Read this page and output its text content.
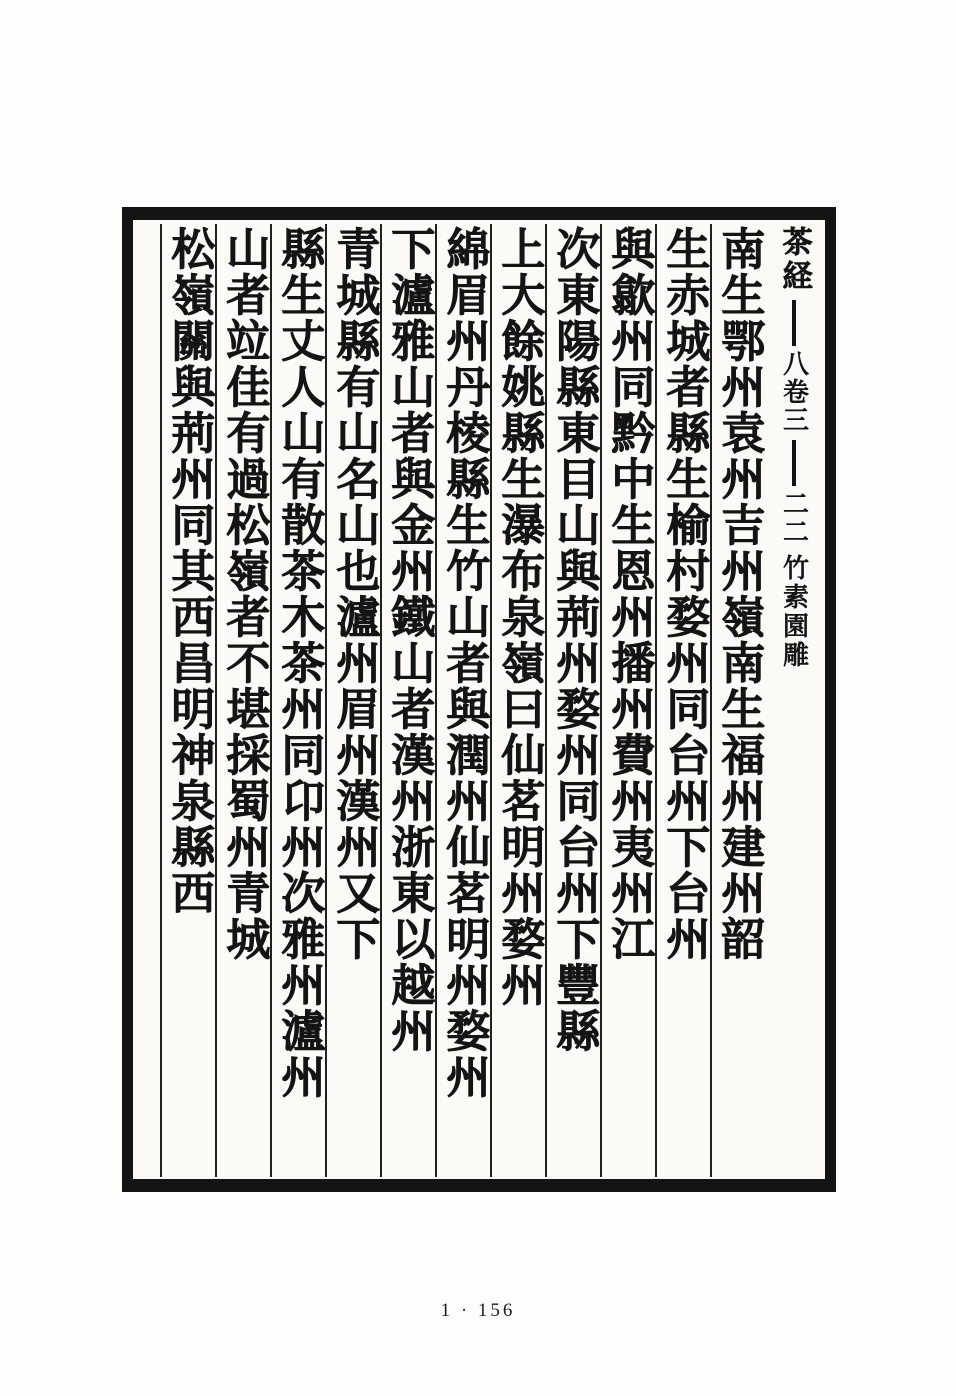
茶経
八
卷三
二二
竹素園雕
南生鄂州袁州吉州嶺南生福州建州韶
生赤城者縣生榆村婺州同台州下台州
與歙州同黔中生恩州播州費州夷州江
次東陽縣東目山與荊州婺州同台州下豐縣
上大餘姚縣生瀑布泉嶺曰仙茗明州婺州
綿眉州丹棱縣生竹山者與潤州仙茗明州婺州
下瀘雅山者與金州鐵山者漢州浙東以越州
青城縣有山名山也瀘州眉州漢州又下
縣生丈人山有散茶木茶州同卬州次雅州瀘州
山者竝佳有過松嶺者不堪採蜀州青城
松嶺關與荊州同其西昌明神泉縣西
1 · 156
